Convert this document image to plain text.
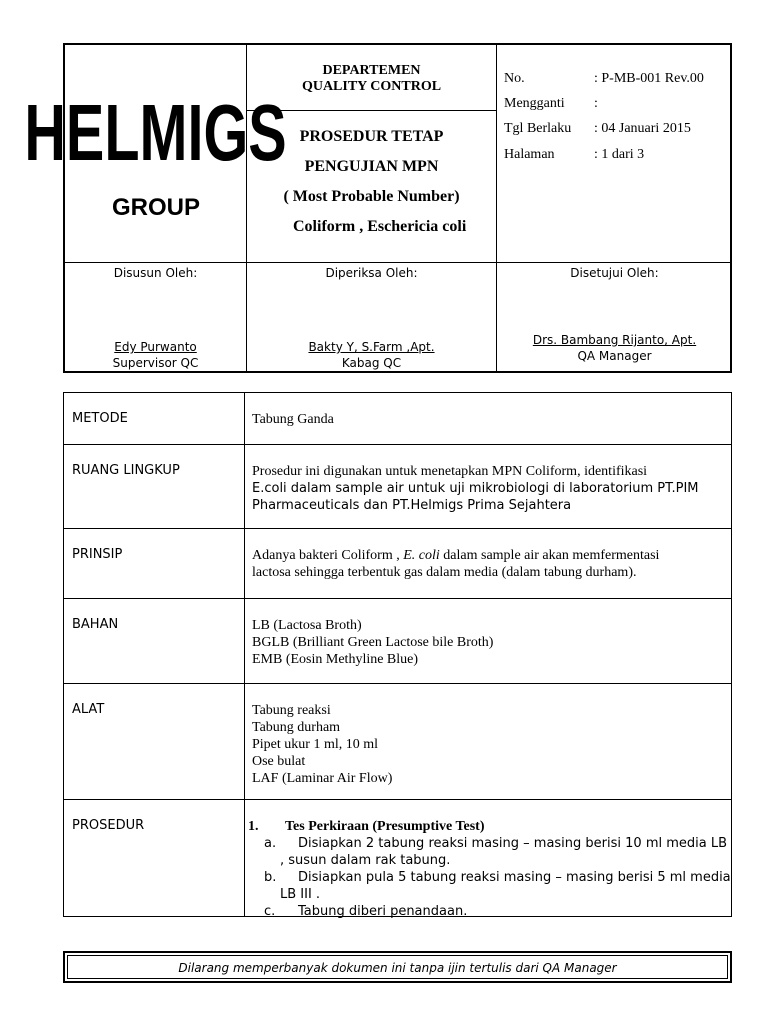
HELMIGS
GROUP
DEPARTEMEN
QUALITY CONTROL
PROSEDUR TETAP
PENGUJIAN MPN
( Most Probable Number)
Coliform , Eschericia coli
No.	: P-MB-001 Rev.00
Mengganti :
Tgl Berlaku : 04 Januari 2015
Halaman	: 1 dari 3
Disusun Oleh:
Edy Purwanto
Supervisor QC
Diperiksa Oleh:
Bakty Y, S.Farm ,Apt.
Kabag QC
Disetujui Oleh:
Drs. Bambang Rijanto, Apt.
QA Manager
METODE	Tabung Ganda
RUANG LINGKUP	Prosedur ini digunakan untuk menetapkan MPN Coliform, identifikasi
E.coli dalam sample air untuk uji mikrobiologi di laboratorium PT.PIM
Pharmaceuticals dan PT.Helmigs Prima Sejahtera
PRINSIP	Adanya bakteri Coliform , E. coli dalam sample air akan memfermentasi
lactosa sehingga terbentuk gas dalam media (dalam tabung durham).
BAHAN	LB (Lactosa Broth)
BGLB (Brilliant Green Lactose bile Broth)
EMB (Eosin Methyline Blue)
ALAT	Tabung reaksi
Tabung durham
Pipet ukur 1 ml, 10 ml
Ose bulat
LAF (Laminar Air Flow)
PROSEDUR	1. Tes Perkiraan (Presumptive Test)
a. Disiapkan 2 tabung reaksi masing – masing berisi 10 ml media LB
, susun dalam rak tabung.
b. Disiapkan pula 5 tabung reaksi masing – masing berisi 5 ml media
LB III .
c. Tabung diberi penandaan.
Dilarang memperbanyak dokumen ini tanpa ijin tertulis dari QA Manager
